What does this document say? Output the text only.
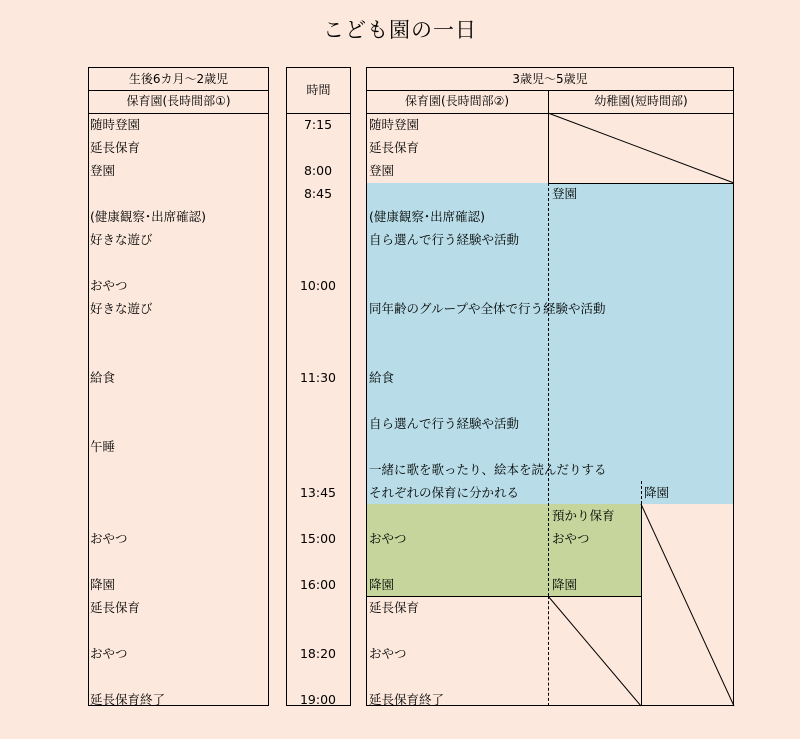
こども園の一日
生後6カ月～2歳児
保育園(長時間部①)
時間
3歳児～5歳児
保育園(長時間部②)	幼稚園(短時間部)
随時登園
延長保育
登園
(健康観察･出席確認)
好きな遊び
おやつ
好きな遊び
給食
午睡
おやつ
降園
延長保育
おやつ
延長保育終了
7:15
8:00
8:45
10:00
11:30
13:45
15:00
16:00
18:20
19:00
随時登園
延長保育
登園
(健康観察･出席確認)
自ら選んで行う経験や活動
同年齢のグループや全体で行う経験や活動
給食
自ら選んで行う経験や活動
一緒に歌を歌ったり、絵本を読んだりする
それぞれの保育に分かれる
おやつ
降園
延長保育
おやつ
延長保育終了
登園
降園
預かり保育
おやつ
降園
